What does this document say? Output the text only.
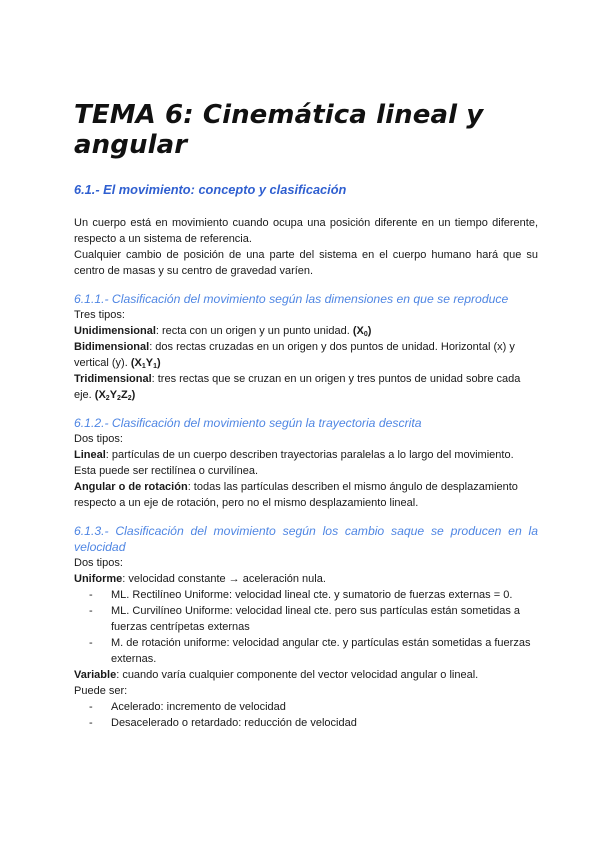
TEMA 6: Cinemática lineal y angular
6.1.- El movimiento: concepto y clasificación

Un cuerpo está en movimiento cuando ocupa una posición diferente en un tiempo diferente, respecto a un sistema de referencia.

Cualquier cambio de posición de una parte del sistema en el cuerpo humano hará que su centro de masas y su centro de gravedad varíen.

6.1.1.- Clasificación del movimiento según las dimensiones en que se reproduce

Tres tipos:

Unidimensional: recta con un origen y un punto unidad. $(X_0)$

Bidimensional: dos rectas cruzadas en un origen y dos puntos de unidad. Horizontal (x) y vertical (y). $(X_1Y_1)$

Tridimensional: tres rectas que se cruzan en un origen y tres puntos de unidad sobre cada eje. $(X_2Y_2Z_2)$

6.1.2.- Clasificación del movimiento según la trayectoria descrita

Dos tipos:

Lineal: partículas de un cuerpo describen trayectorias paralelas a lo largo del movimiento. Esta puede ser rectilínea o curvilínea.

Angular o de rotación: todas las partículas describen el mismo ángulo de desplazamiento respecto a un eje de rotación, pero no el mismo desplazamiento lineal.

6.1.3.- Clasificación del movimiento según los cambio saque se producen en la velocidad

Dos tipos:

Uniforme: velocidad constante → aceleración nula.

- ML. Rectilíneo Uniforme: velocidad lineal cte. y sumatorio de fuerzas externas = 0.
- ML. Curvilíneo Uniforme: velocidad lineal cte. pero sus partículas están sometidas a fuerzas centrípetas externas
- M. de rotación uniforme: velocidad angular cte. y partículas están sometidas a fuerzas externas.

Variable: cuando varía cualquier componente del vector velocidad angular o lineal.

Puede ser:

- Acelerado: incremento de velocidad
- Desacelerado o retardado: reducción de velocidad
